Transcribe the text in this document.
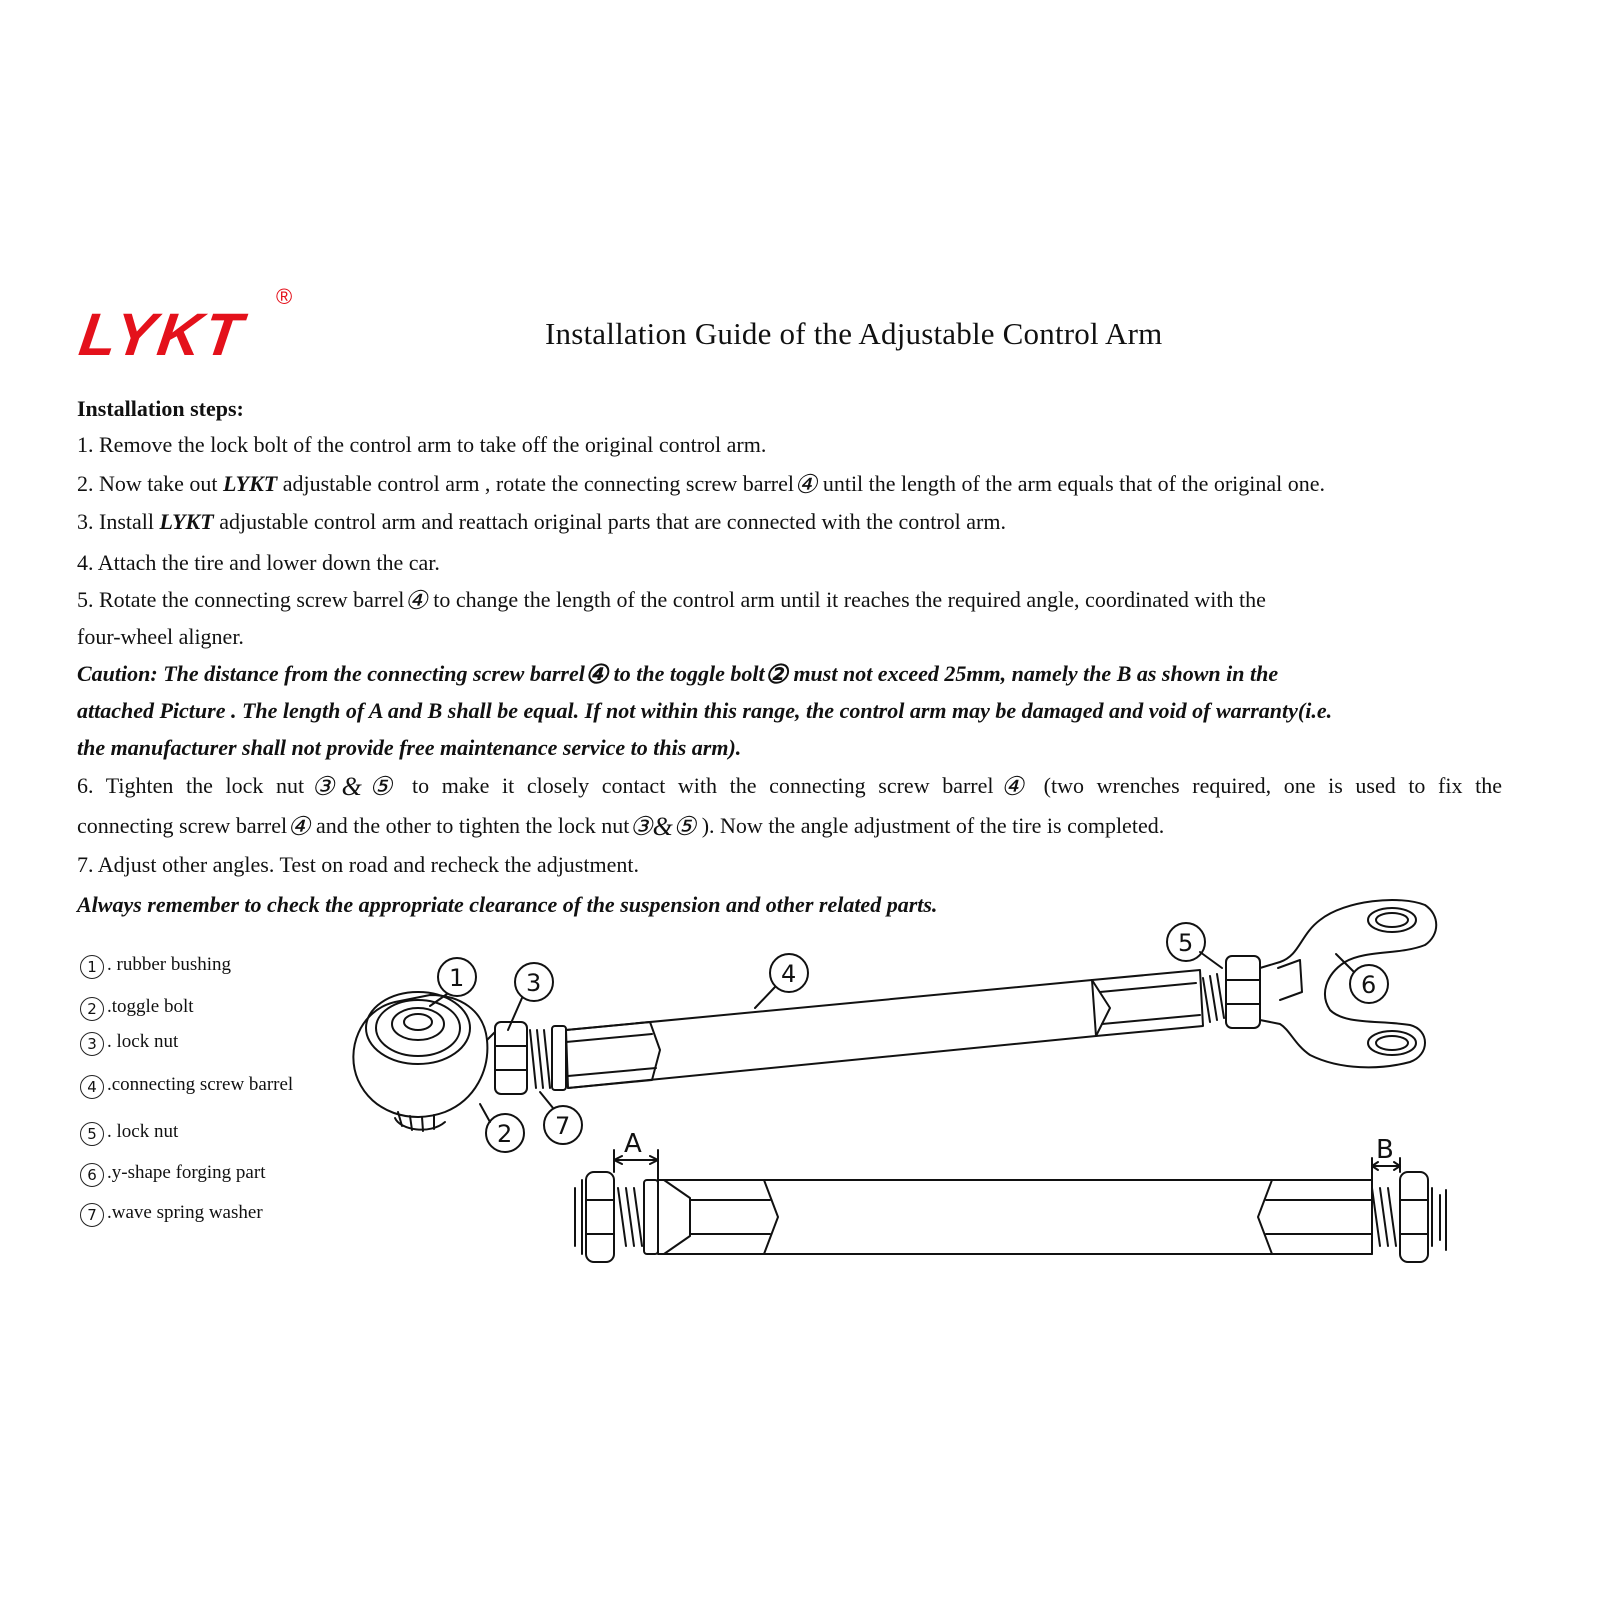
LYKT
®
Installation Guide of the Adjustable Control Arm
Installation steps:
1. Remove the lock bolt of the control arm to take off the original control arm.
2. Now take out LYKT adjustable control arm , rotate the connecting screw barrel④ until the length of the arm equals that of the original one.
3. Install LYKT adjustable control arm and reattach original parts that are connected with the control arm.
4. Attach the tire and lower down the car.
5. Rotate the connecting screw barrel④ to change the length of the control arm until it reaches the required angle, coordinated with the
four-wheel aligner.
Caution: The distance from the connecting screw barrel④ to the toggle bolt② must not exceed 25mm, namely the B as shown in the
attached Picture . The length of A and B shall be equal. If not within this range, the control arm may be damaged and void of warranty(i.e.
the manufacturer shall not provide free maintenance service to this arm).
6. Tighten the lock nut③&⑤ to make it closely contact with the connecting screw barrel④ (two wrenches required, one is used to fix the
connecting screw barrel④ and the other to tighten the lock nut③&⑤ ). Now the angle adjustment of the tire is completed.
7. Adjust other angles. Test on road and recheck the adjustment.
Always remember to check the appropriate clearance of the suspension and other related parts.
1 . rubber bushing
2 .toggle bolt
3 . lock nut
4 .connecting screw barrel
5 . lock nut
6 .y-shape forging part
7 .wave spring washer
1	3	4
5
6
7
2	A	B
